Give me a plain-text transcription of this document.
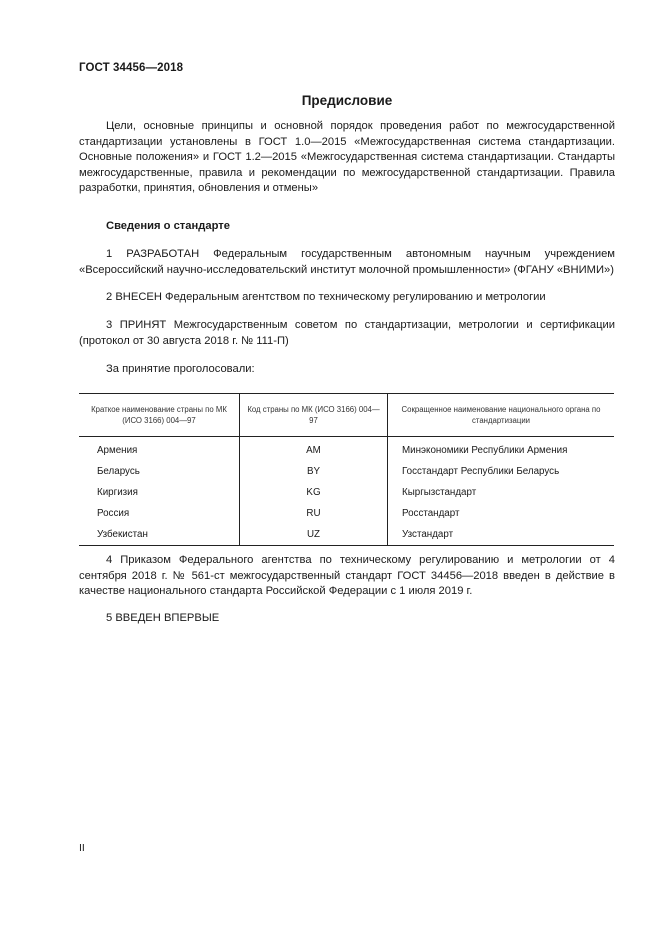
ГОСТ 34456—2018
Предисловие

Цели, основные принципы и основной порядок проведения работ по межгосударственной стандартизации установлены в ГОСТ 1.0—2015 «Межгосударственная система стандартизации. Основные положения» и ГОСТ 1.2—2015 «Межгосударственная система стандартизации. Стандарты межгосударственные, правила и рекомендации по межгосударственной стандартизации. Правила разработки, принятия, обновления и отмены»

Сведения о стандарте

1 РАЗРАБОТАН Федеральным государственным автономным научным учреждением «Всероссийский научно-исследовательский институт молочной промышленности» (ФГАНУ «ВНИМИ»)

2 ВНЕСЕН Федеральным агентством по техническому регулированию и метрологии

3 ПРИНЯТ Межгосударственным советом по стандартизации, метрологии и сертификации (протокол от 30 августа 2018 г. № 111-П)

За принятие проголосовали:

Краткое наименование страны по МК (ИСО 3166) 004—97	Код страны по МК (ИСО 3166) 004—97	Сокращенное наименование национального органа по стандартизации
Армения	AM	Минэкономики Республики Армения
Беларусь	BY	Госстандарт Республики Беларусь
Киргизия	KG	Кыргызстандарт
Россия	RU	Росстандарт
Узбекистан	UZ	Узстандарт

4 Приказом Федерального агентства по техническому регулированию и метрологии от 4 сентября 2018 г. № 561-ст межгосударственный стандарт ГОСТ 34456—2018 введен в действие в качестве национального стандарта Российской Федерации с 1 июля 2019 г.

5 ВВЕДЕН ВПЕРВЫЕ

II
